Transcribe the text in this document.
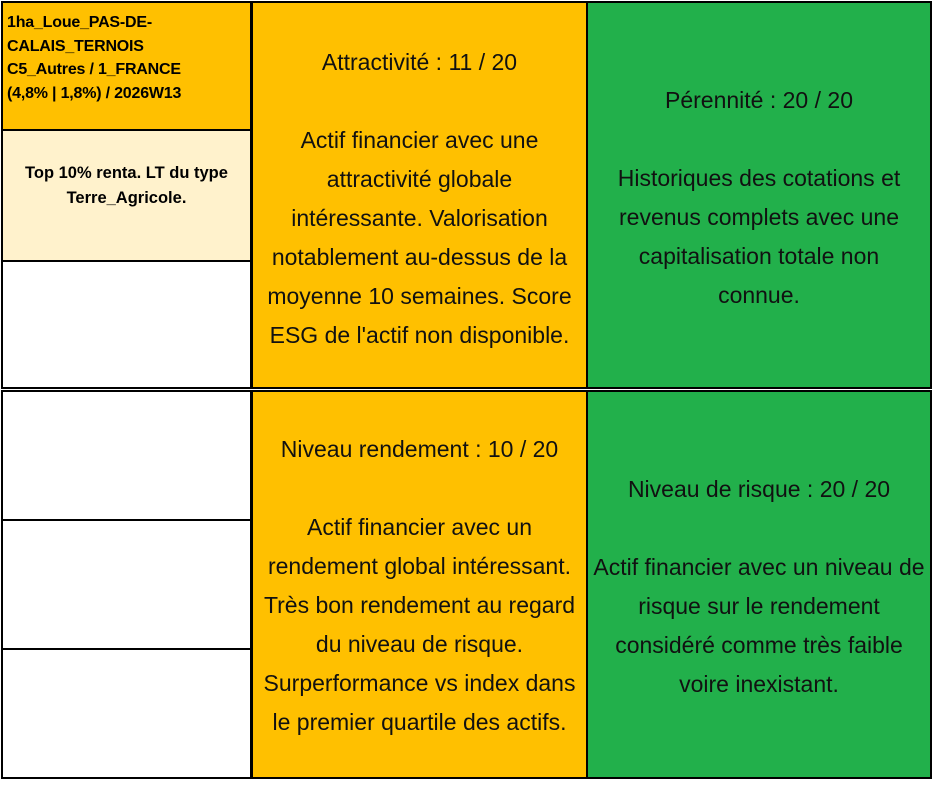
1ha_Loue_PAS-DE-
CALAIS_TERNOIS
C5_Autres / 1_FRANCE
(4,8% | 1,8%) / 2026W13
Top 10% renta. LT du type
Terre_Agricole.
Attractivité : 11 / 20
Actif financier avec une
attractivité globale
intéressante. Valorisation
notablement au-dessus de la
moyenne 10 semaines. Score
ESG de l'actif non disponible.
Pérennité : 20 / 20
Historiques des cotations et
revenus complets avec une
capitalisation totale non
connue.
Niveau rendement : 10 / 20
Actif financier avec un
rendement global intéressant.
Très bon rendement au regard
du niveau de risque.
Surperformance vs index dans
le premier quartile des actifs.
Niveau de risque : 20 / 20
Actif financier avec un niveau de
risque sur le rendement
considéré comme très faible
voire inexistant.
